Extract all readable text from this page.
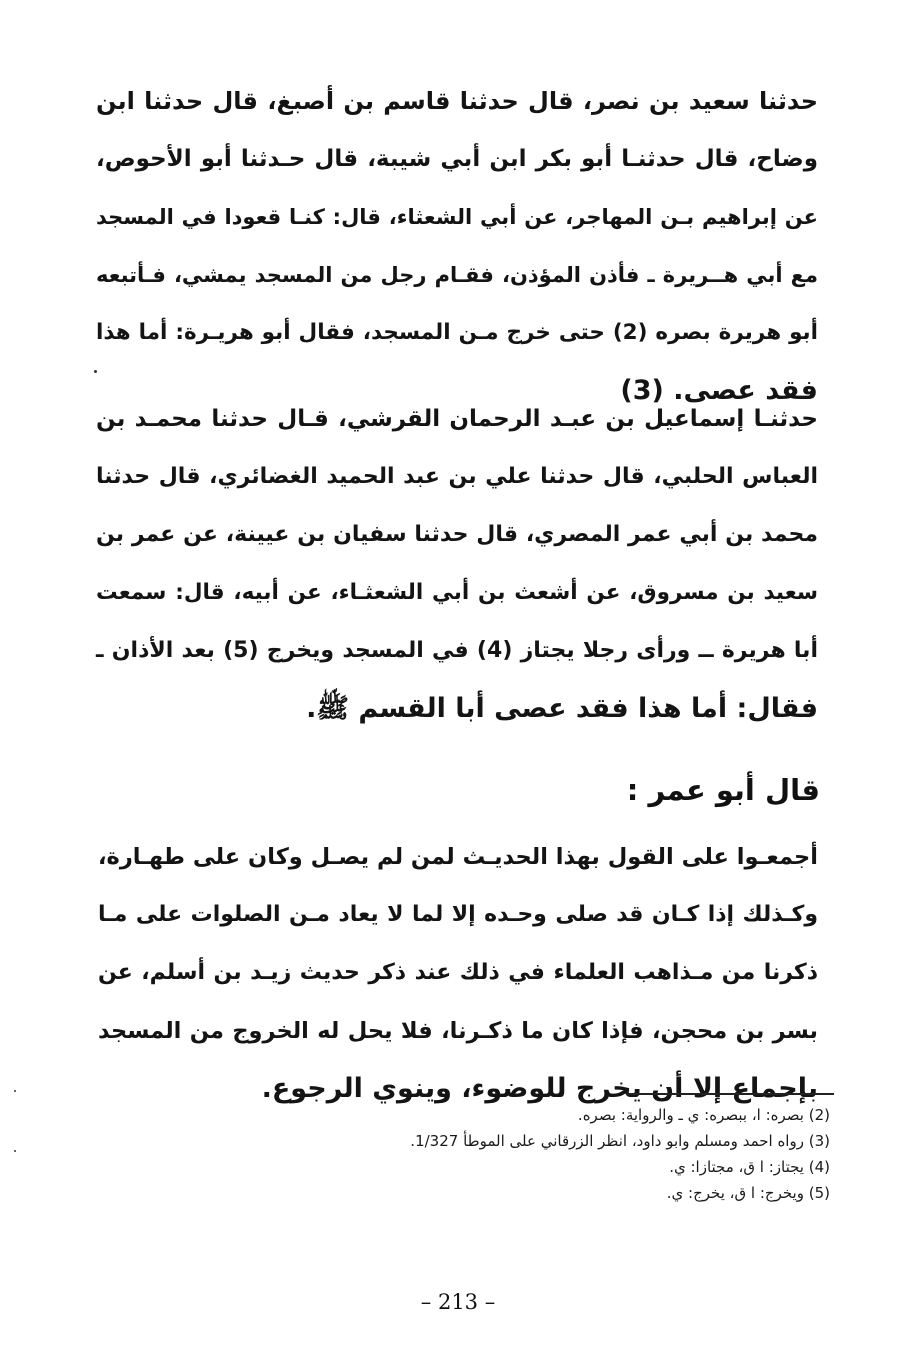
حدثنا سعيد بن نصر، قال حدثنا قاسم بن أصبغ، قال حدثنا ابن
وضاح، قال حدثنـا أبو بكر ابن أبي شيبة، قال حـدثنا أبو الأحوص،
عن إبراهيم بـن المهاجر، عن أبي الشعثاء، قال: كنـا قعودا في المسجد
مع أبي هــريرة ـ فأذن المؤذن، فقـام رجل من المسجد يمشي، فـأتبعه
أبو هريرة بصره (2) حتى خرج مـن المسجد، فقال أبو هريـرة: أما هذا
فقد عصى. (3)
حدثنـا إسماعيل بن عبـد الرحمان القرشي، قـال حدثنا محمـد بن
العباس الحلبي، قال حدثنا علي بن عبد الحميد الغضائري، قال حدثنا
محمد بن أبي عمر المصري، قال حدثنا سفيان بن عيينة، عن عمر بن
سعيد بن مسروق، عن أشعث بن أبي الشعثـاء، عن أبيه، قال: سمعت
أبا هريرة ــ ورأى رجلا يجتاز (4) في المسجد ويخرج (5) بعد الأذان ـ
فقال: أما هذا فقد عصى أبا القسم ﷺ.
قال أبو عمر :
أجمعـوا على القول بهذا الحديـث لمن لم يصـل وكان على طهـارة،
وكـذلك إذا كـان قد صلى وحـده إلا لما لا يعاد مـن الصلوات على مـا
ذكرنا من مـذاهب العلماء في ذلك عند ذكر حديث زيـد بن أسلم، عن
بسر بن محجن، فإذا كان ما ذكـرنا، فلا يحل له الخروج من المسجد
بإجماع إلا أن يخرج للوضوء، وينوي الرجوع.
(2) بصره: ا، ببصره: ي ـ والرواية: بصره.
(3) رواه احمد ومسلم وابو داود، انظر الزرقاني على الموطأ 1/327.
(4) يجتاز: ا ق، مجتازا: ي.
(5) ويخرج: ا ق، يخرج: ي.
– 213 –
